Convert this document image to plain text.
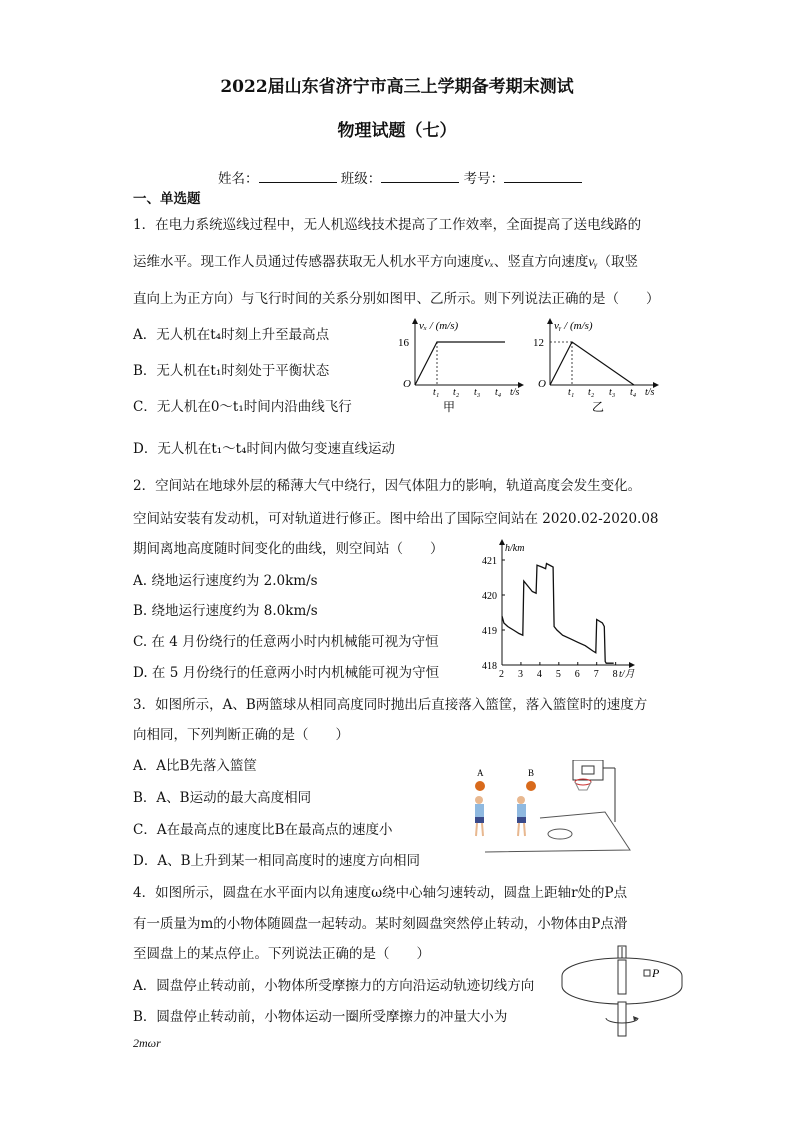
2022届山东省济宁市高三上学期备考期末测试
物理试题（七）
姓名：	班级：	考号：
一、单选题
1．在电力系统巡线过程中，无人机巡线技术提高了工作效率，全面提高了送电线路的
运维水平。现工作人员通过传感器获取无人机水平方向速度vₓ、竖直方向速度vᵧ（取竖
直向上为正方向）与飞行时间的关系分别如图甲、乙所示。则下列说法正确的是（　　）
A．无人机在t₄时刻上升至最高点
B．无人机在t₁时刻处于平衡状态
C．无人机在0～t₁时间内沿曲线飞行
D．无人机在t₁～t₄时间内做匀变速直线运动
vₓ / (m/s)
16
O
t₁ t₂ t₃ t₄ t/s
甲
vᵧ / (m/s)
12
O
t₁ t₂ t₃ t₄ t/s
乙
2．空间站在地球外层的稀薄大气中绕行，因气体阻力的影响，轨道高度会发生变化。
空间站安装有发动机，可对轨道进行修正。图中给出了国际空间站在 2020.02-2020.08
期间离地高度随时间变化的曲线，则空间站（　　）
A. 绕地运行速度约为 2.0km/s
B. 绕地运行速度约为 8.0km/s
C. 在 4 月份绕行的任意两小时内机械能可视为守恒
D. 在 5 月份绕行的任意两小时内机械能可视为守恒
h/km
t/月
421
420
419
418
2 3 4 5 6 7 8
3．如图所示，A、B两篮球从相同高度同时抛出后直接落入篮筐，落入篮筐时的速度方
向相同，下列判断正确的是（　　）
A．A比B先落入篮筐
B．A、B运动的最大高度相同
C．A在最高点的速度比B在最高点的速度小
D．A、B上升到某一相同高度时的速度方向相同
A	B
4．如图所示，圆盘在水平面内以角速度ω绕中心轴匀速转动，圆盘上距轴r处的P点
有一质量为m的小物体随圆盘一起转动。某时刻圆盘突然停止转动，小物体由P点滑
至圆盘上的某点停止。下列说法正确的是（　　）
A．圆盘停止转动前，小物体所受摩擦力的方向沿运动轨迹切线方向
B．圆盘停止转动前，小物体运动一圈所受摩擦力的冲量大小为
2mωr
P
